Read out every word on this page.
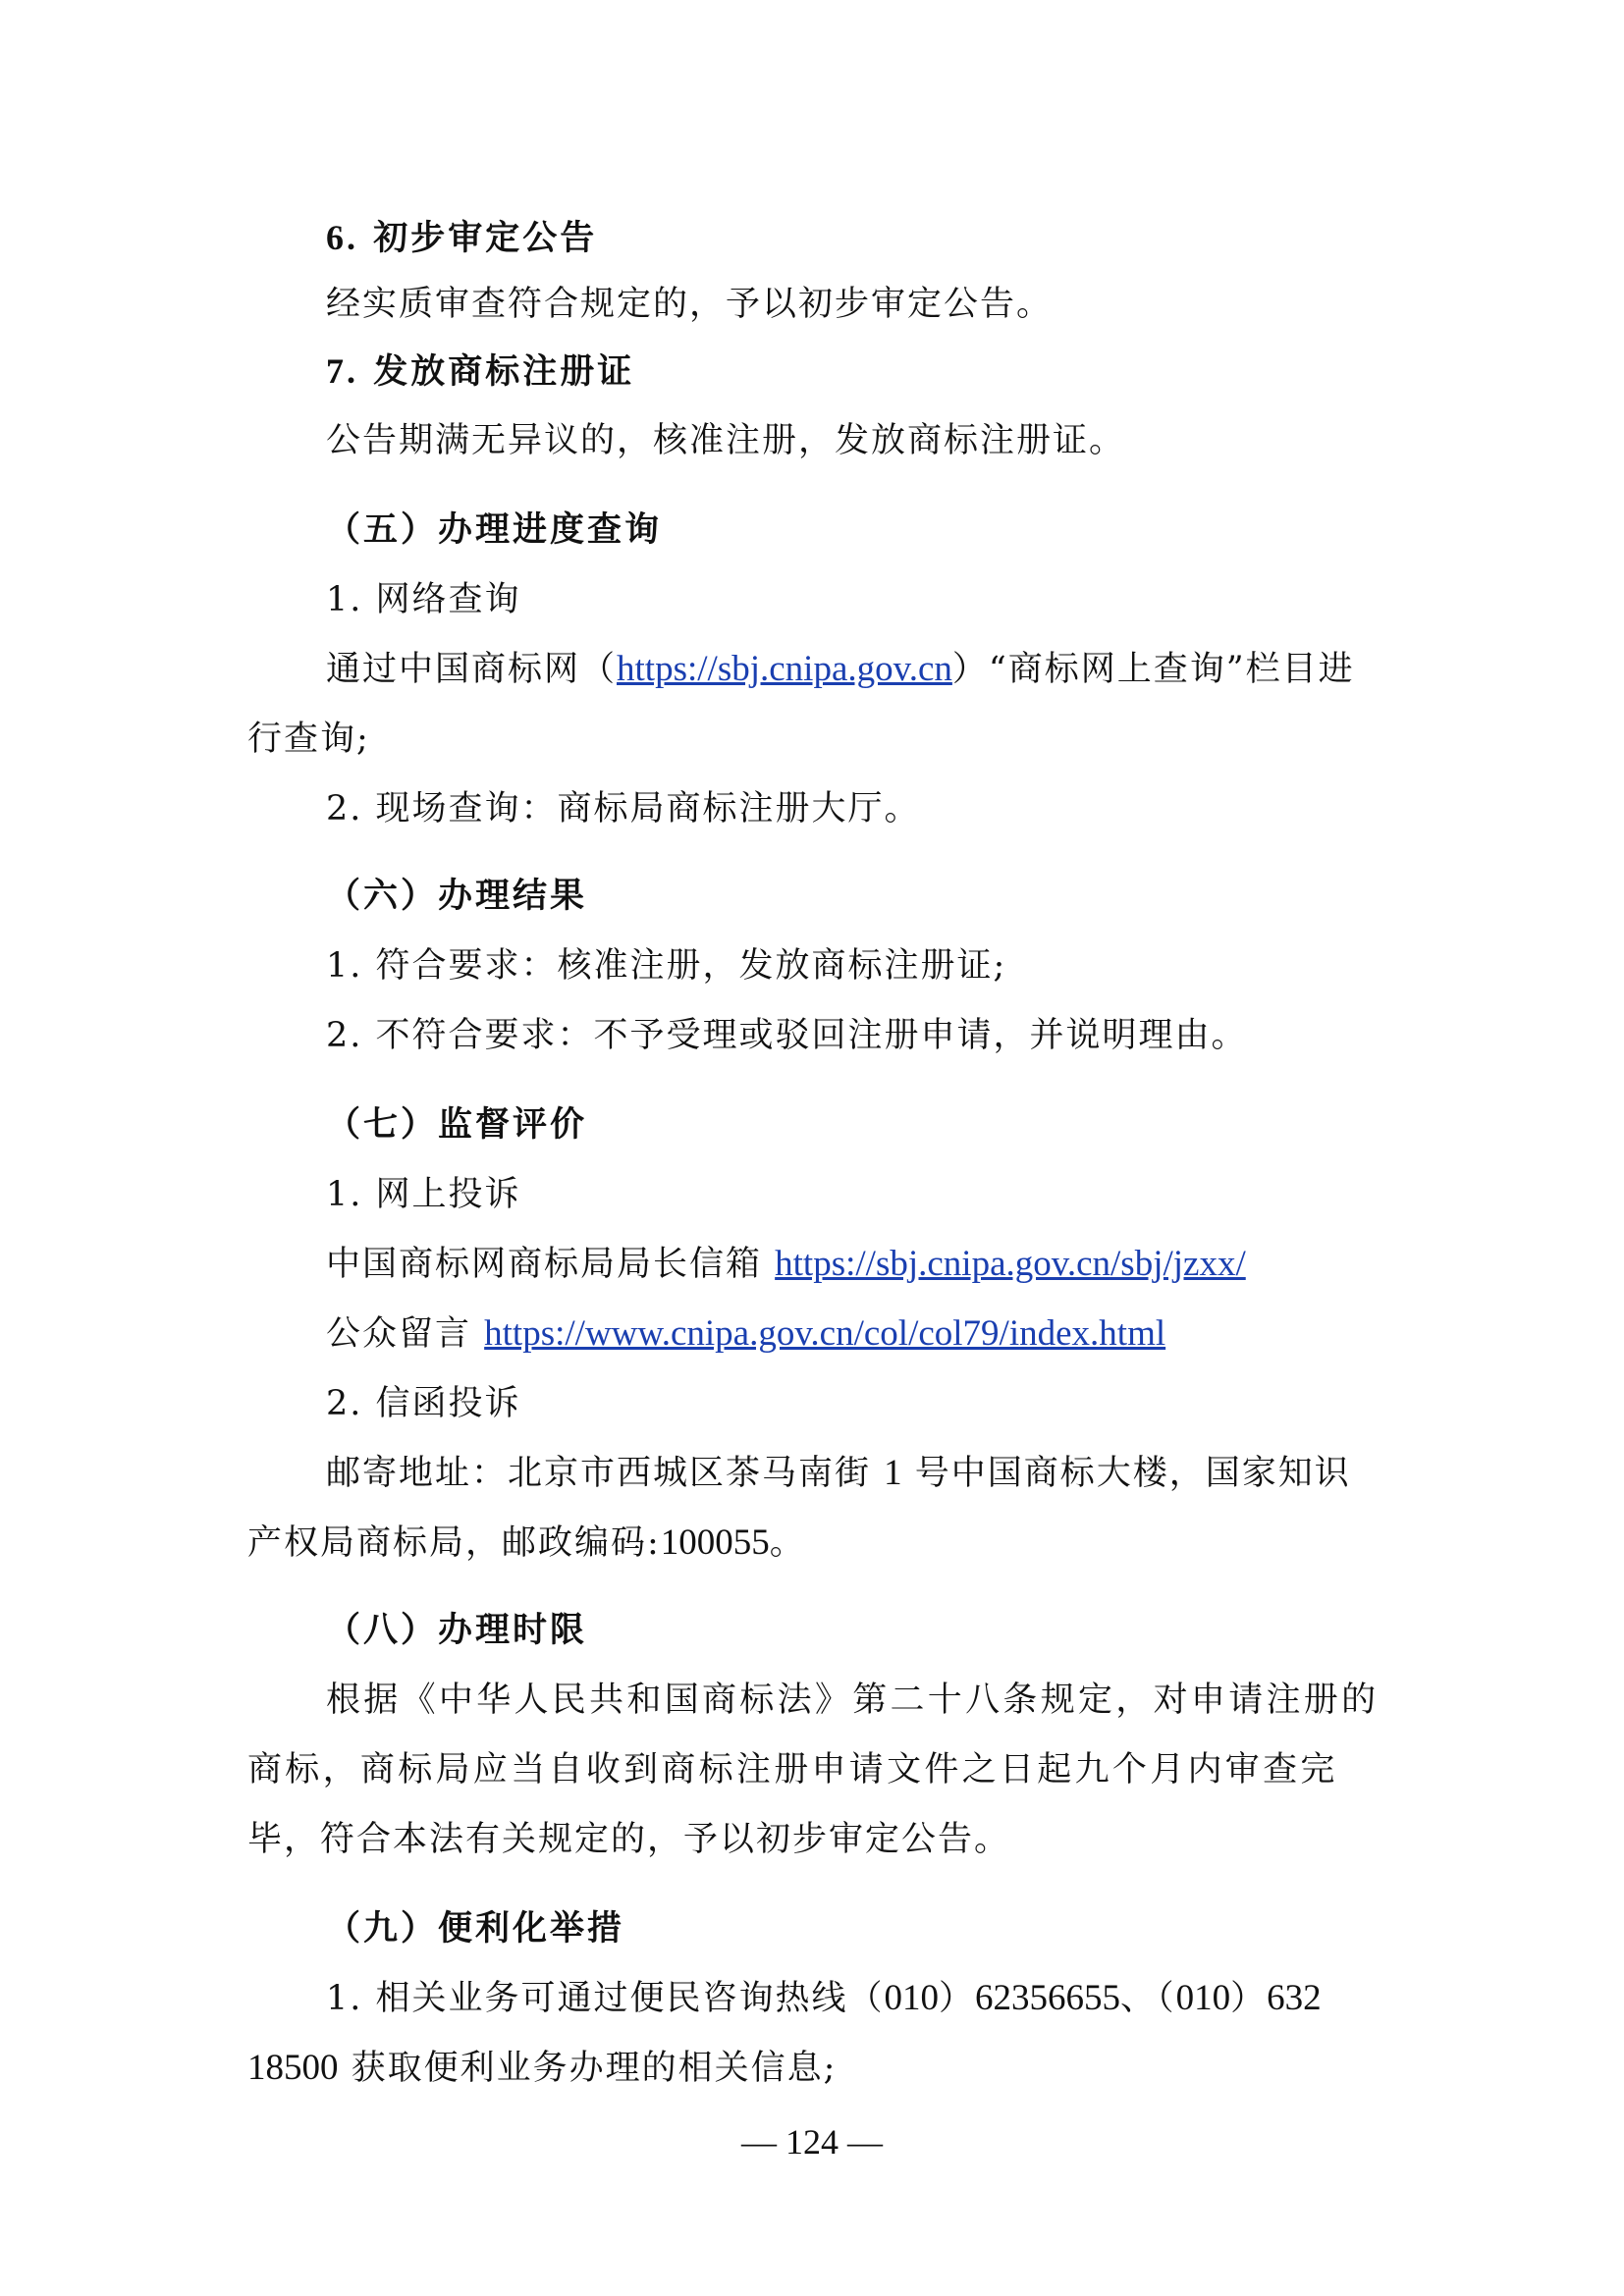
6. 初步审定公告
经实质审查符合规定的，予以初步审定公告。
7. 发放商标注册证
公告期满无异议的，核准注册，发放商标注册证。
（五）办理进度查询
1. 网络查询
通过中国商标网（https://sbj.cnipa.gov.cn）“商标网上查询”栏目进
行查询;
2. 现场查询：商标局商标注册大厅。
（六）办理结果
1. 符合要求：核准注册，发放商标注册证;
2. 不符合要求：不予受理或驳回注册申请，并说明理由。
（七）监督评价
1. 网上投诉
中国商标网商标局局长信箱 https://sbj.cnipa.gov.cn/sbj/jzxx/
公众留言 https://www.cnipa.gov.cn/col/col79/index.html
2. 信函投诉
邮寄地址：北京市西城区茶马南街 1 号中国商标大楼，国家知识
产权局商标局，邮政编码:100055。
（八）办理时限
根据《中华人民共和国商标法》第二十八条规定，对申请注册的
商标，商标局应当自收到商标注册申请文件之日起九个月内审查完
毕，符合本法有关规定的，予以初步审定公告。
（九）便利化举措
1. 相关业务可通过便民咨询热线（010）62356655、（010）632
18500 获取便利业务办理的相关信息;
— 124 —
